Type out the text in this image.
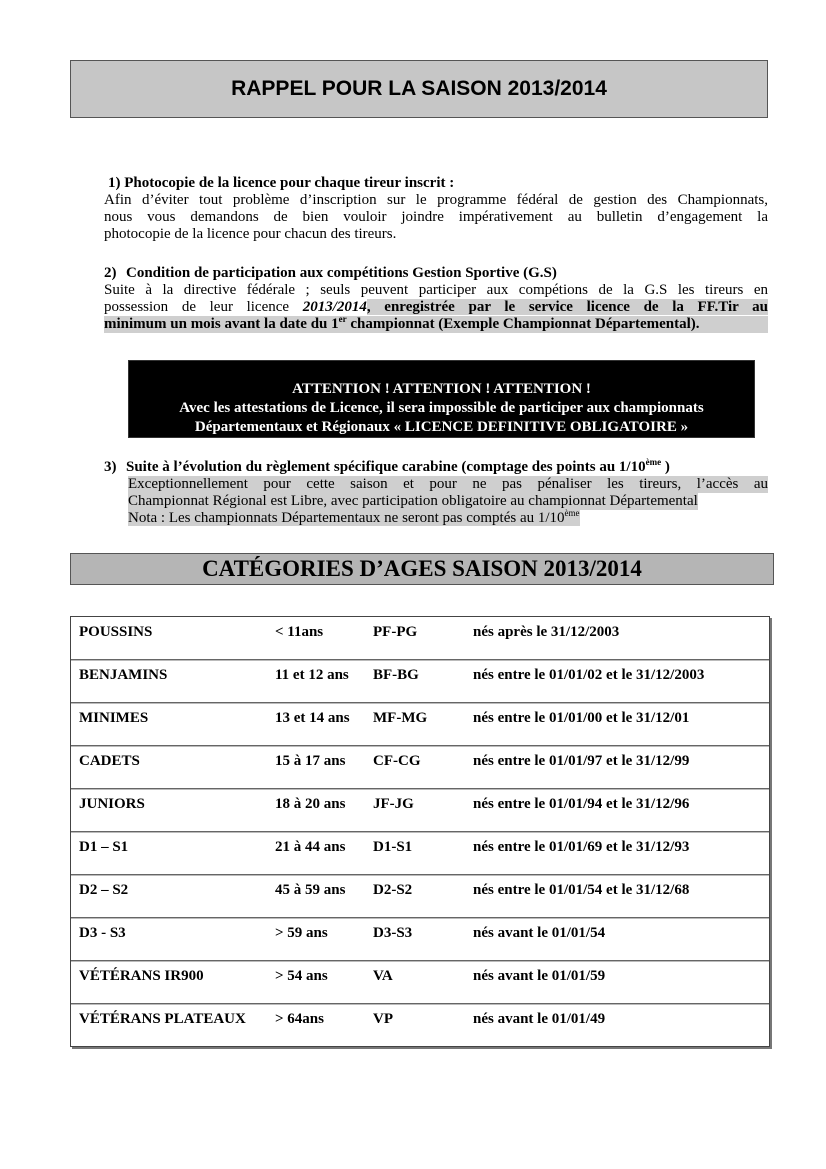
RAPPEL POUR LA SAISON 2013/2014
1) Photocopie de la licence pour chaque tireur inscrit :
Afin d’éviter tout problème d’inscription sur le programme fédéral de gestion des Championnats,
nous vous demandons de bien vouloir joindre impérativement au bulletin d’engagement la
photocopie de la licence pour chacun des tireurs.
2) Condition de participation aux compétitions Gestion Sportive (G.S)
Suite à la directive fédérale ; seuls peuvent participer aux compétions de la G.S les tireurs en
possession de leur licence 2013/2014, enregistrée par le service licence de la FF.Tir au
minimum un mois avant la date du 1er championnat (Exemple Championnat Départemental).
ATTENTION ! ATTENTION ! ATTENTION !
Avec les attestations de Licence, il sera impossible de participer aux championnats
Départementaux et Régionaux « LICENCE DEFINITIVE OBLIGATOIRE »
3) Suite à l’évolution du règlement spécifique carabine (comptage des points au 1/10ème )
Exceptionnellement pour cette saison et pour ne pas pénaliser les tireurs, l’accès au
Championnat Régional est Libre, avec participation obligatoire au championnat Départemental
Nota : Les championnats Départementaux ne seront pas comptés au 1/10ème
CATÉGORIES D’AGES SAISON 2013/2014
POUSSINS	< 11ans	PF-PG	nés après le 31/12/2003
BENJAMINS	11 et 12 ans BF-BG	nés entre le 01/01/02 et le 31/12/2003
MINIMES	13 et 14 ans MF-MG	nés entre le 01/01/00 et le 31/12/01
CADETS	15 à 17 ans CF-CG	nés entre le 01/01/97 et le 31/12/99
JUNIORS	18 à 20 ans JF-JG	nés entre le 01/01/94 et le 31/12/96
D1 – S1	21 à 44 ans D1-S1	nés entre le 01/01/69 et le 31/12/93
D2 – S2	45 à 59 ans D2-S2	nés entre le 01/01/54 et le 31/12/68
D3 - S3	> 59 ans	D3-S3	nés avant le 01/01/54
VÉTÉRANS IR900	> 54 ans	VA	nés avant le 01/01/59
VÉTÉRANS PLATEAUX > 64ans	VP	nés avant le 01/01/49
